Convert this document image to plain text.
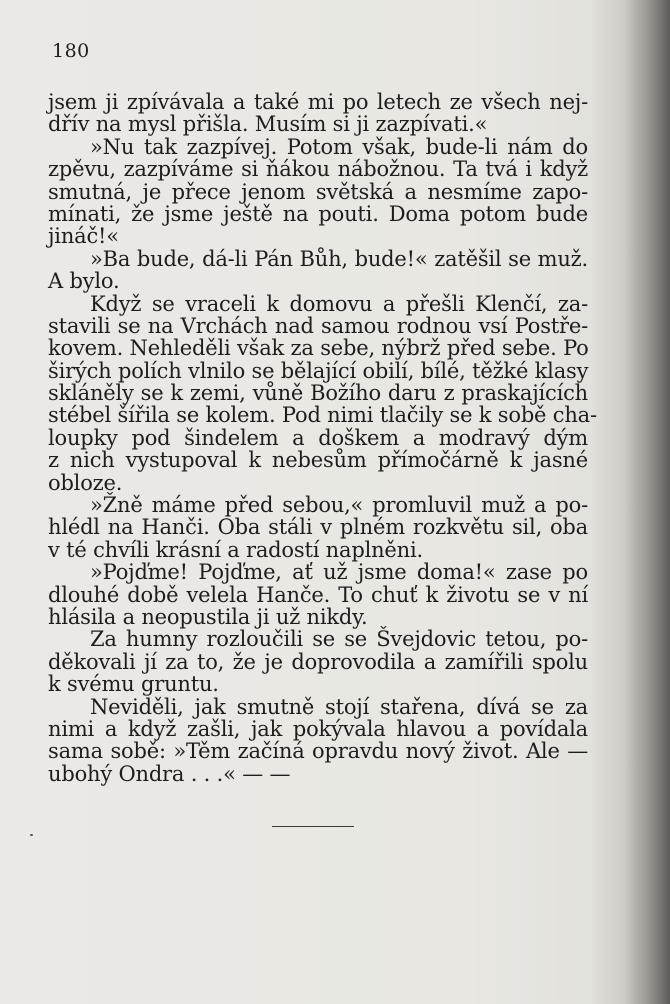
180
jsem ji zpívávala a také mi po letech ze všech nej-
dřív na mysl přišla. Musím si ji zazpívati.«
»Nu tak zazpívej. Potom však, bude-li nám do
zpěvu, zazpíváme si ňákou nábožnou. Ta tvá i když
smutná, je přece jenom světská a nesmíme zapo-
mínati, že jsme ještě na pouti. Doma potom bude
jináč!«
»Ba bude, dá-li Pán Bůh, bude!« zatěšil se muž.
A bylo.
Když se vraceli k domovu a přešli Klenčí, za-
stavili se na Vrchách nad samou rodnou vsí Postře-
kovem. Nehleděli však za sebe, nýbrž před sebe. Po
širých polích vlnilo se bělající obilí, bílé, těžké klasy
skláněly se k zemi, vůně Božího daru z praskajících
stébel šířila se kolem. Pod nimi tlačily se k sobě cha-
loupky pod šindelem a doškem a modravý dým
z nich vystupoval k nebesům přímočárně k jasné
obloze.
»Žně máme před sebou,« promluvil muž a po-
hlédl na Hanči. Oba stáli v plném rozkvětu sil, oba
v té chvíli krásní a radostí naplněni.
»Pojďme! Pojďme, ať už jsme doma!« zase po
dlouhé době velela Hanče. To chuť k životu se v ní
hlásila a neopustila ji už nikdy.
Za humny rozloučili se se Švejdovic tetou, po-
děkovali jí za to, že je doprovodila a zamířili spolu
k svému gruntu.
Neviděli, jak smutně stojí stařena, dívá se za
nimi a když zašli, jak pokývala hlavou a povídala
sama sobě: »Těm začíná opravdu nový život. Ale —
ubohý Ondra . . .« — —
